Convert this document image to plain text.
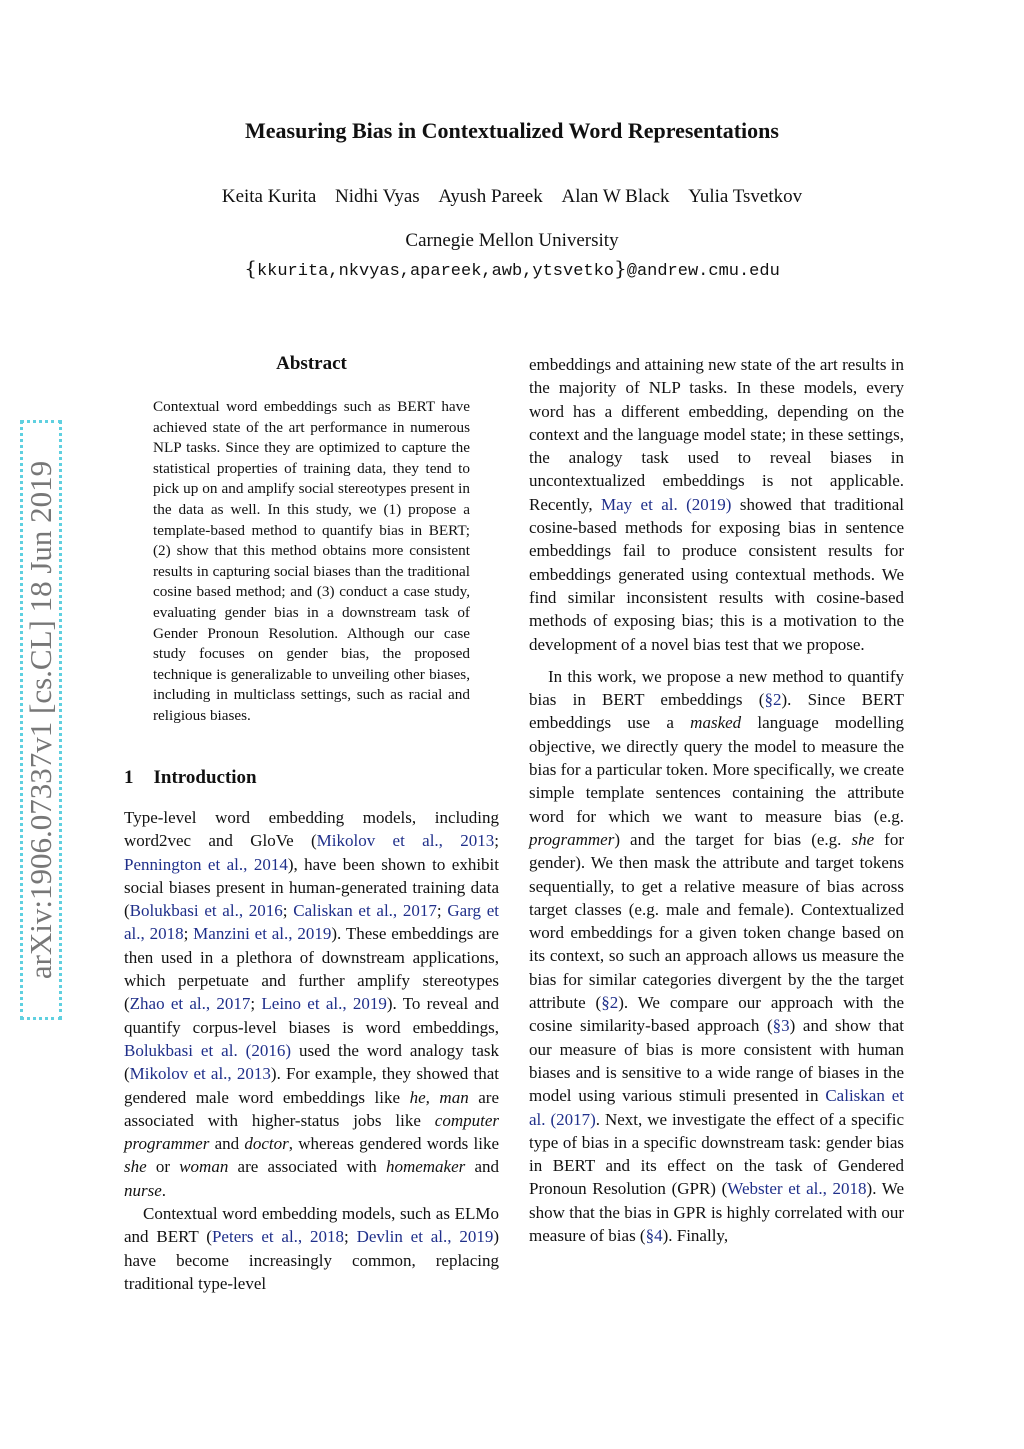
Measuring Bias in Contextualized Word Representations
Keita Kurita Nidhi Vyas Ayush Pareek Alan W Black Yulia Tsvetkov
Carnegie Mellon University
{kkurita,nkvyas,apareek,awb,ytsvetko}@andrew.cmu.edu
arXiv:1906.07337v1 [cs.CL] 18 Jun 2019
Abstract
Contextual word embeddings such as BERT have achieved state of the art performance in numerous NLP tasks. Since they are optimized to capture the statistical properties of training data, they tend to pick up on and amplify social stereotypes present in the data as well. In this study, we (1) propose a template-based method to quantify bias in BERT; (2) show that this method obtains more consistent results in capturing social biases than the traditional cosine based method; and (3) conduct a case study, evaluating gender bias in a downstream task of Gender Pronoun Resolution. Although our case study focuses on gender bias, the proposed technique is generalizable to unveiling other biases, including in multiclass settings, such as racial and religious biases.
1 Introduction

Type-level word embedding models, including word2vec and GloVe (Mikolov et al., 2013; Pennington et al., 2014), have been shown to exhibit social biases present in human-generated training data (Bolukbasi et al., 2016; Caliskan et al., 2017; Garg et al., 2018; Manzini et al., 2019). These embeddings are then used in a plethora of downstream applications, which perpetuate and further amplify stereotypes (Zhao et al., 2017; Leino et al., 2019). To reveal and quantify corpus-level biases is word embeddings, Bolukbasi et al. (2016) used the word analogy task (Mikolov et al., 2013). For example, they showed that gendered male word embeddings like he, man are associated with higher-status jobs like computer programmer and doctor, whereas gendered words like she or woman are associated with homemaker and nurse.

Contextual word embedding models, such as ELMo and BERT (Peters et al., 2018; Devlin et al., 2019) have become increasingly common, replacing traditional type-level

embeddings and attaining new state of the art results in the majority of NLP tasks. In these models, every word has a different embedding, depending on the context and the language model state; in these settings, the analogy task used to reveal biases in uncontextualized embeddings is not applicable. Recently, May et al. (2019) showed that traditional cosine-based methods for exposing bias in sentence embeddings fail to produce consistent results for embeddings generated using contextual methods. We find similar inconsistent results with cosine-based methods of exposing bias; this is a motivation to the development of a novel bias test that we propose.

In this work, we propose a new method to quantify bias in BERT embeddings (§2). Since BERT embeddings use a masked language modelling objective, we directly query the model to measure the bias for a particular token. More specifically, we create simple template sentences containing the attribute word for which we want to measure bias (e.g. programmer) and the target for bias (e.g. she for gender). We then mask the attribute and target tokens sequentially, to get a relative measure of bias across target classes (e.g. male and female). Contextualized word embeddings for a given token change based on its context, so such an approach allows us measure the bias for similar categories divergent by the the target attribute (§2). We compare our approach with the cosine similarity-based approach (§3) and show that our measure of bias is more consistent with human biases and is sensitive to a wide range of biases in the model using various stimuli presented in Caliskan et al. (2017). Next, we investigate the effect of a specific type of bias in a specific downstream task: gender bias in BERT and its effect on the task of Gendered Pronoun Resolution (GPR) (Webster et al., 2018). We show that the bias in GPR is highly correlated with our measure of bias (§4). Finally,
